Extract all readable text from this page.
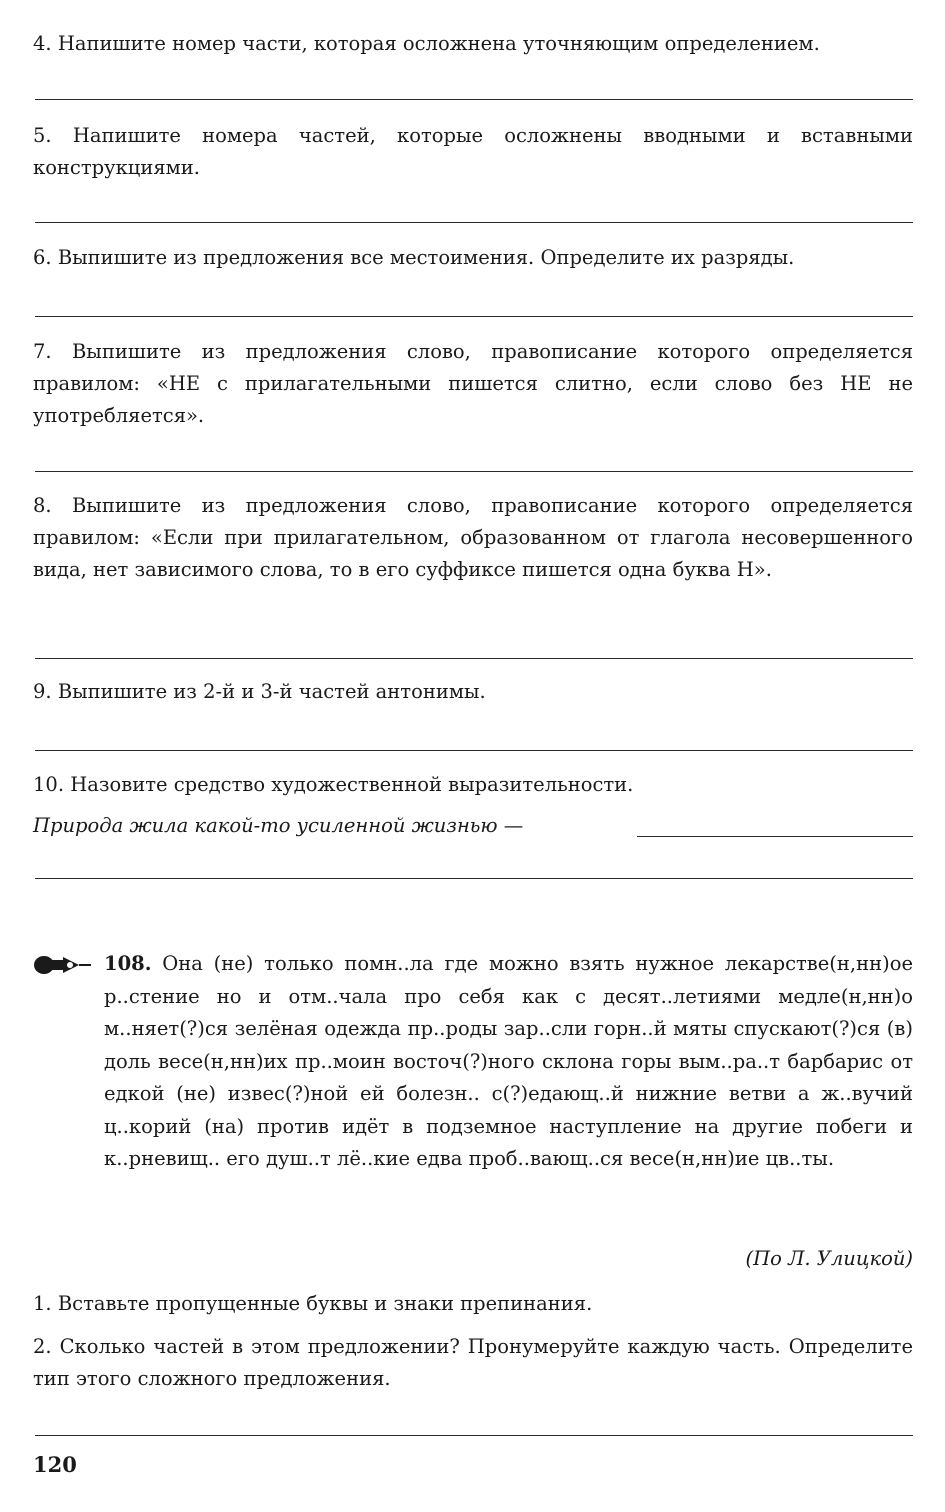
4. Напишите номер части, которая осложнена уточняющим определением.
5. Напишите номера частей, которые осложнены вводными и вставными конструкциями.
6. Выпишите из предложения все местоимения. Определите их разряды.
7. Выпишите из предложения слово, правописание которого определяется правилом: «НЕ с прилагательными пишется слитно, если слово без НЕ не употребляется».
8. Выпишите из предложения слово, правописание которого определяется правилом: «Если при прилагательном, образованном от глагола несовершенного вида, нет зависимого слова, то в его суффиксе пишется одна буква Н».
9. Выпишите из 2-й и 3-й частей антонимы.
10. Назовите средство художественной выразительности.
Природа жила какой-то усиленной жизнью —
108. Она (не) только помн..ла где можно взять нужное лекарстве(н,нн)ое р..стение но и отм..чала про себя как с десят..летиями медле(н,нн)о м..няет(?)ся зелёная одежда пр..роды зар..сли горн..й мяты спускают(?)ся (в) доль весе(н,нн)их пр..моин восточ(?)ного склона горы вым..ра..т барбарис от едкой (не) извес(?)ной ей болезн.. с(?)едающ..й нижние ветви а ж..вучий ц..корий (на) против идёт в подземное наступление на другие побеги и к..рневищ.. его душ..т лё..кие едва проб..вающ..ся весе(н,нн)ие цв..ты.
(По Л. Улицкой)
1. Вставьте пропущенные буквы и знаки препинания.
2. Сколько частей в этом предложении? Пронумеруйте каждую часть. Определите тип этого сложного предложения.
120
